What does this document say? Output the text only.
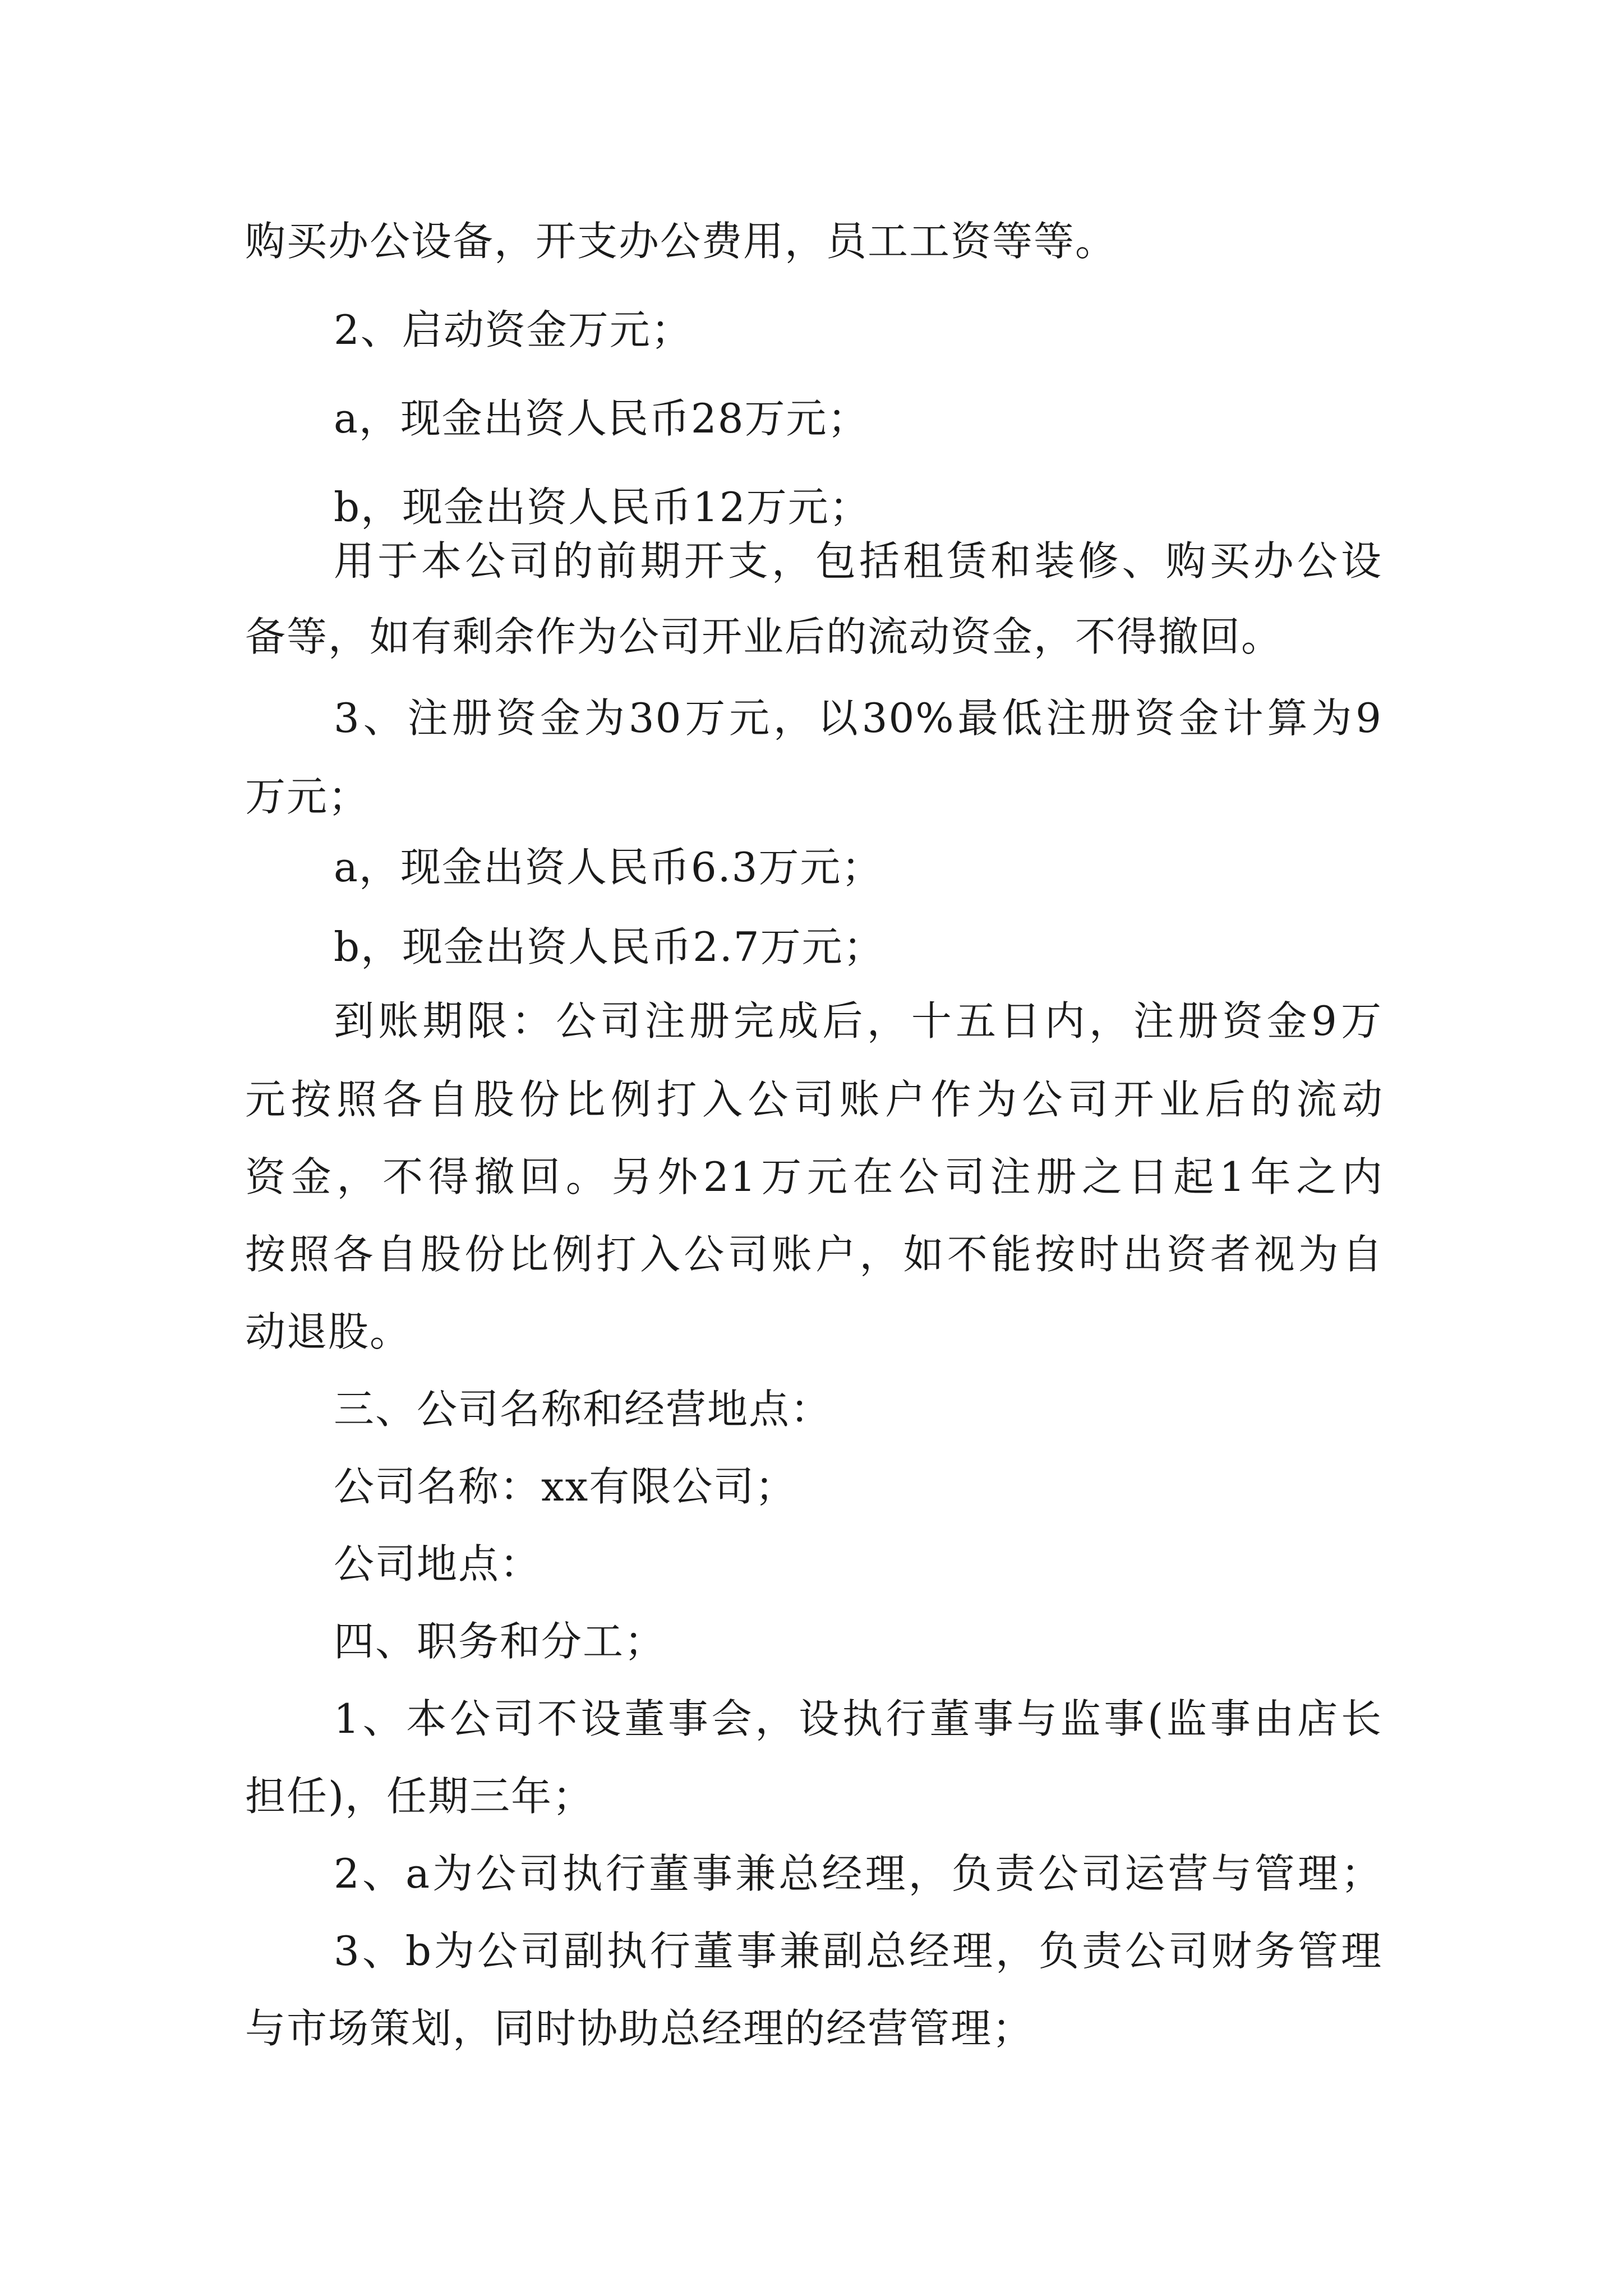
购买办公设备，开支办公费用，员工工资等等。
2、启动资金万元；
a，现金出资人民币28万元；
b，现金出资人民币12万元；
用于本公司的前期开支，包括租赁和装修、购买办公设
备等，如有剩余作为公司开业后的流动资金，不得撤回。
3、注册资金为30万元，以30%最低注册资金计算为9
万元；
a，现金出资人民币6.3万元；
b，现金出资人民币2.7万元；
到账期限：公司注册完成后，十五日内，注册资金9万
元按照各自股份比例打入公司账户作为公司开业后的流动
资金，不得撤回。另外21万元在公司注册之日起1年之内
按照各自股份比例打入公司账户，如不能按时出资者视为自
动退股。
三、公司名称和经营地点：
公司名称：xx有限公司；
公司地点：
四、职务和分工；
1、本公司不设董事会，设执行董事与监事(监事由店长
担任)，任期三年；
2、a为公司执行董事兼总经理，负责公司运营与管理；
3、b为公司副执行董事兼副总经理，负责公司财务管理
与市场策划，同时协助总经理的经营管理；
